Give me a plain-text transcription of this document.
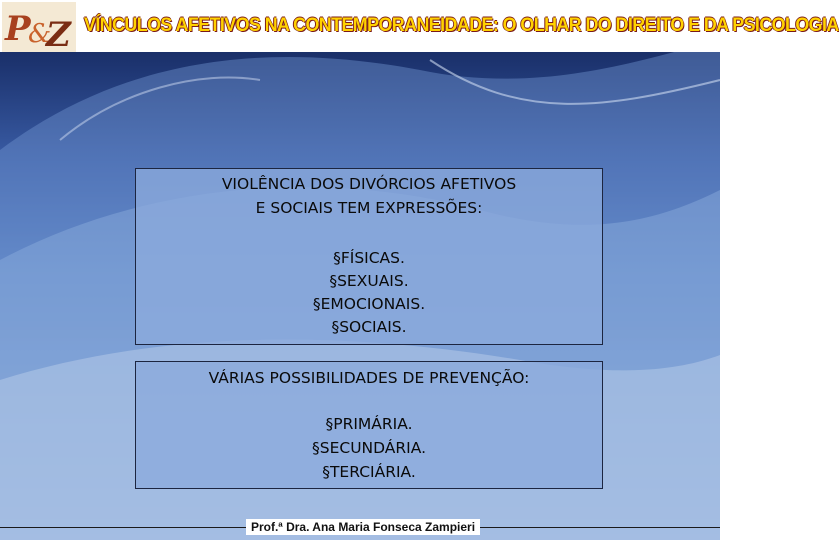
P
&
Z VÍNCULOS AFETIVOS NA CONTEMPORANEIDADE: O OLHAR DO DIREITO E DA PSICOLOGIA
VIOLÊNCIA DOS DIVÓRCIOS AFETIVOS
E SOCIAIS TEM EXPRESSÕES:
§FÍSICAS.
§SEXUAIS.
§EMOCIONAIS.
§SOCIAIS.
VÁRIAS POSSIBILIDADES DE PREVENÇÃO:
§PRIMÁRIA.
§SECUNDÁRIA.
§TERCIÁRIA.
Prof.ª Dra. Ana Maria Fonseca Zampieri
